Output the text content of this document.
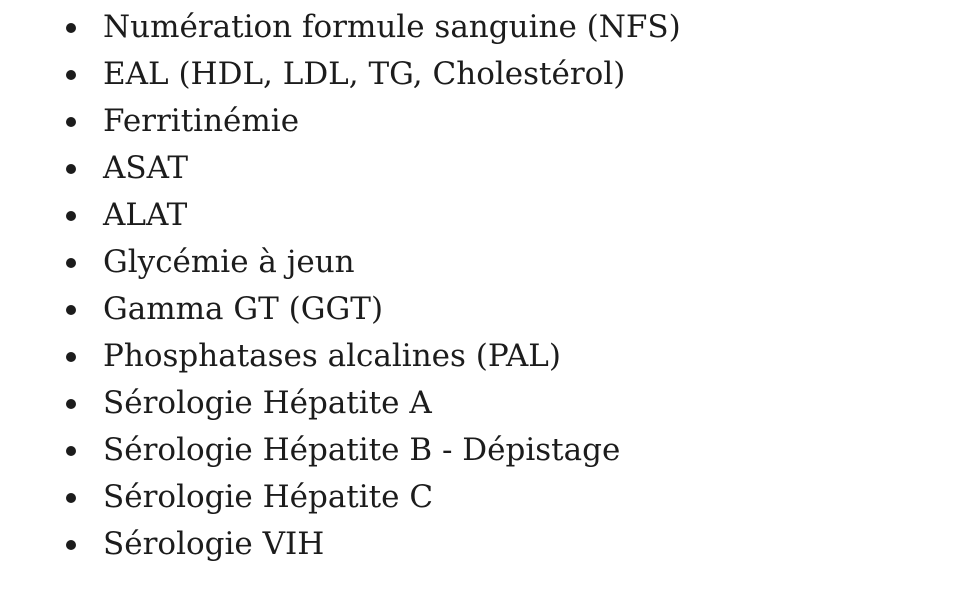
Numération formule sanguine (NFS)
EAL (HDL, LDL, TG, Cholestérol)
Ferritinémie
ASAT
ALAT
Glycémie à jeun
Gamma GT (GGT)
Phosphatases alcalines (PAL)
Sérologie Hépatite A
Sérologie Hépatite B - Dépistage
Sérologie Hépatite C
Sérologie VIH
